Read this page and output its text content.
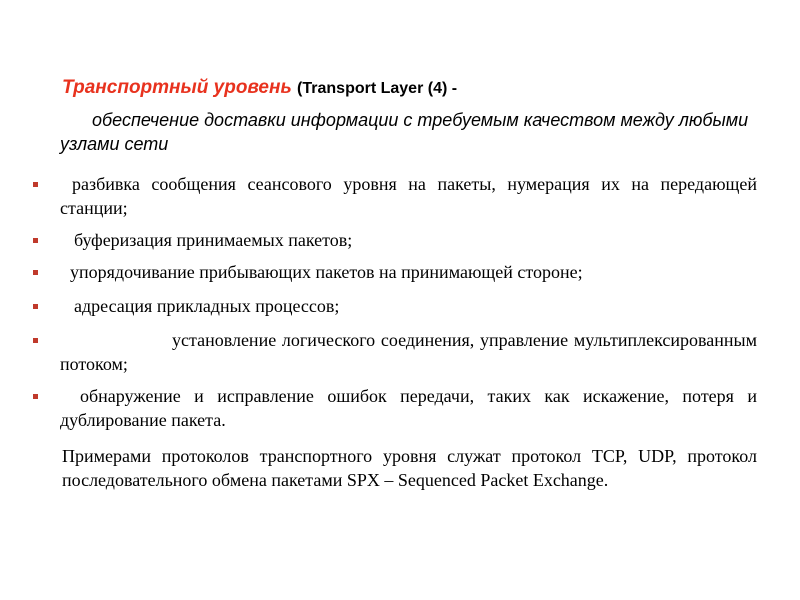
Транспортный уровень (Transport Layer (4) -
обеспечение доставки информации с требуемым качеством между любыми узлами сети
разбивка сообщения сеансового уровня на пакеты, нумерация их на передающей станции;
буферизация принимаемых пакетов;
упорядочивание прибывающих пакетов на принимающей стороне;
адресация прикладных процессов;
установление логического соединения, управление мультиплексированным потоком;
обнаружение и исправление ошибок передачи, таких как искажение, потеря и дублирование пакета.
Примерами протоколов транспортного уровня служат протокол TCP, UDP, протокол последовательного обмена пакетами SPX – Sequenced Packet Exchange.
